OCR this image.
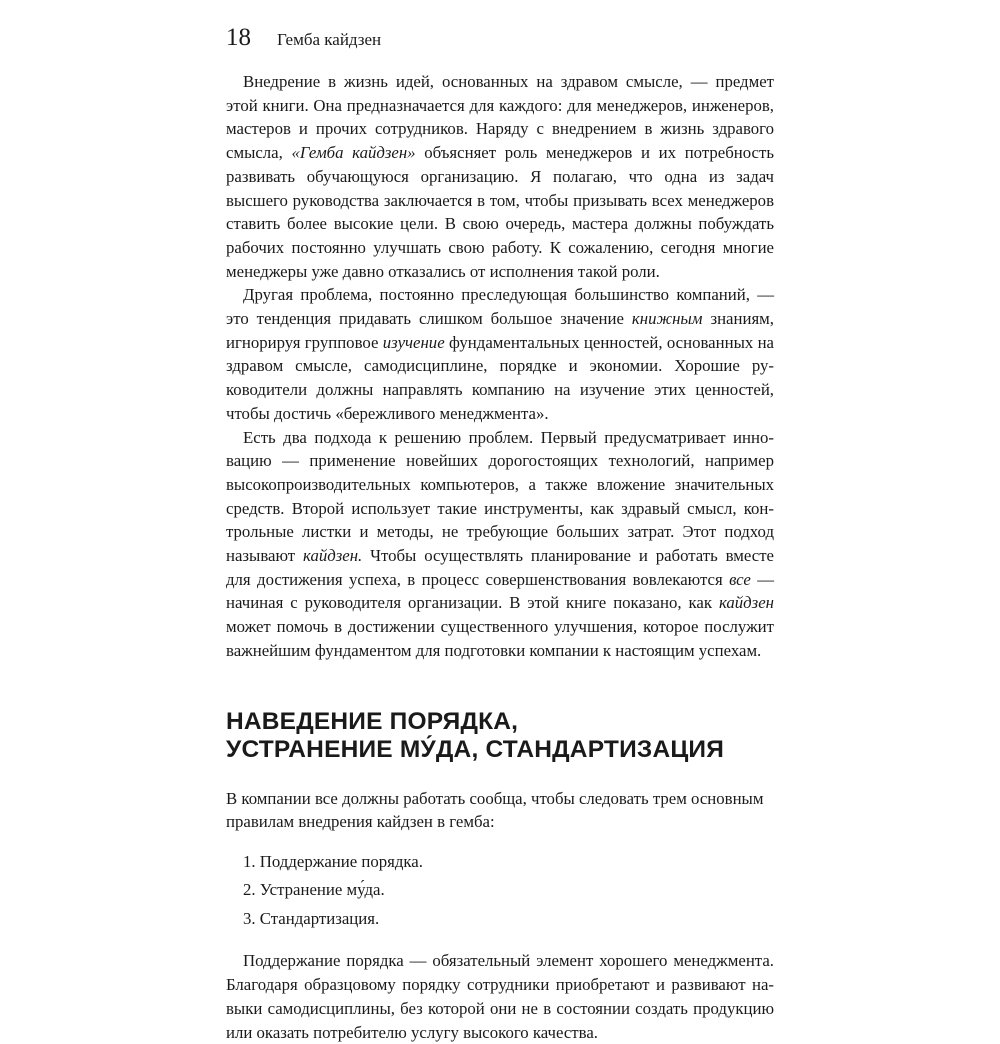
18 Гемба кайдзен

Внедрение в жизнь идей, основанных на здравом смысле, — предмет этой книги. Она предназначается для каждого: для менеджеров, инженеров, мастеров и прочих сотрудников. Наряду с внедрением в жизнь здравого смысла, «Гемба кайдзен» объясняет роль менеджеров и их потребность развивать обучающуюся организацию. Я полагаю, что одна из задач высшего руководства заключается в том, чтобы призывать всех менеджеров ставить более высокие цели. В свою очередь, мастера должны побуждать рабочих постоянно улучшать свою работу. К сожалению, сегодня многие менеджеры уже давно отказались от исполнения такой роли.

Другая проблема, постоянно преследующая большинство компаний, — это тенденция придавать слишком большое значение книжным знаниям, игнорируя групповое изучение фундаментальных ценностей, основанных на здравом смысле, самодисциплине, порядке и экономии. Хорошие руководители должны направлять компанию на изучение этих ценностей, чтобы достичь «бережливого менеджмента».

Есть два подхода к решению проблем. Первый предусматривает инновацию — применение новейших дорогостоящих технологий, например высокопроизводительных компьютеров, а также вложение значительных средств. Второй использует такие инструменты, как здравый смысл, контрольные листки и методы, не требующие больших затрат. Этот подход называют кайдзен. Чтобы осуществлять планирование и работать вместе для достижения успеха, в процесс совершенствования вовлекаются все — начиная с руководителя организации. В этой книге показано, как кайдзен может помочь в достижении существенного улучшения, которое послужит важнейшим фундаментом для подготовки компании к настоящим успехам.

НАВЕДЕНИЕ ПОРЯДКА,
УСТРАНЕНИЕ МУ́ДА, СТАНДАРТИЗАЦИЯ

В компании все должны работать сообща, чтобы следовать трем основным правилам внедрения кайдзен в гемба:

1. Поддержание порядка.
2. Устранение му́да.
3. Стандартизация.

Поддержание порядка — обязательный элемент хорошего менеджмента. Благодаря образцовому порядку сотрудники приобретают и развивают навыки самодисциплины, без которой они не в состоянии создать продукцию или оказать потребителю услугу высокого качества.
